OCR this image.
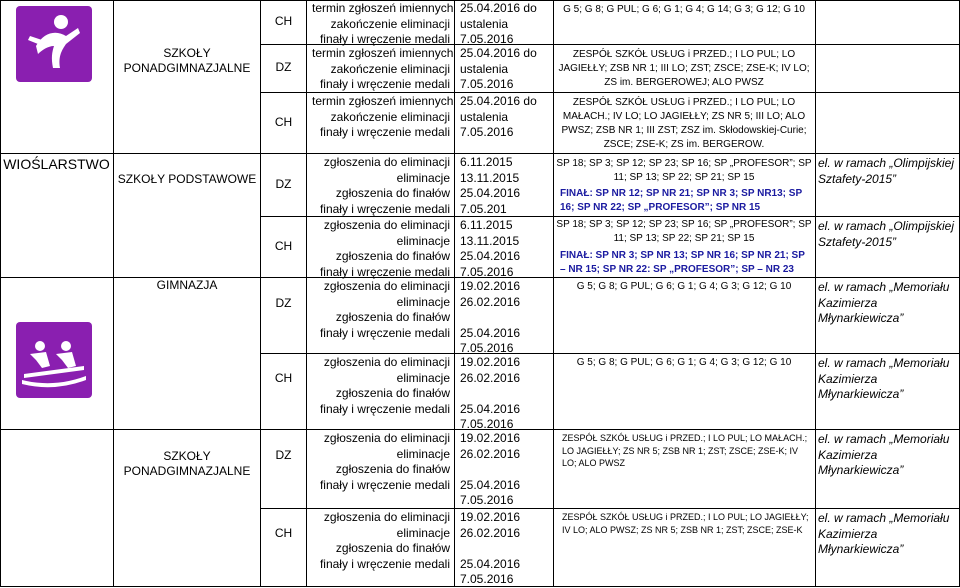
WIOŚLARSTWO
SZKOŁY PONADGIMNAZJALNE
SZKOŁY PODSTAWOWE
GIMNAZJA
SZKOŁY PONADGIMNAZJALNE
CH
DZ
CH
DZ
CH
DZ
CH
DZ
CH
termin zgłoszeń imiennych
zakończenie eliminacji
finały i wręczenie medali
termin zgłoszeń imiennych
zakończenie eliminacji
finały i wręczenie medali
termin zgłoszeń imiennych
zakończenie eliminacji
finały i wręczenie medali
zgłoszenia do eliminacji
eliminacje
zgłoszenia do finałów
finały i wręczenie medali
zgłoszenia do eliminacji
eliminacje
zgłoszenia do finałów
finały i wręczenie medali
zgłoszenia do eliminacji
eliminacje
zgłoszenia do finałów
finały i wręczenie medali
zgłoszenia do eliminacji
eliminacje
zgłoszenia do finałów
finały i wręczenie medali
zgłoszenia do eliminacji
eliminacje
zgłoszenia do finałów
finały i wręczenie medali
zgłoszenia do eliminacji
eliminacje
zgłoszenia do finałów
finały i wręczenie medali
25.04.2016 do
ustalenia
7.05.2016
25.04.2016 do
ustalenia
7.05.2016
25.04.2016 do
ustalenia
7.05.2016
6.11.2015
13.11.2015
25.04.2016
7.05.201
6.11.2015
13.11.2015
25.04.2016
7.05.2016
19.02.2016
26.02.2016
25.04.2016
7.05.2016
19.02.2016
26.02.2016
25.04.2016
7.05.2016
19.02.2016
26.02.2016
25.04.2016
7.05.2016
19.02.2016
26.02.2016
25.04.2016
7.05.2016
G 5; G 8; G PUL; G 6; G 1; G 4; G 14; G 3; G 12; G 10
ZESPÓŁ SZKÓŁ USŁUG i PRZED.; I LO PUL; LO JAGIEŁŁY; ZSB NR 1; III LO; ZST; ZSCE; ZSE-K; IV LO; ZS im. BERGEROWEJ; ALO PWSZ
ZESPÓŁ SZKÓŁ USŁUG i PRZED.; I LO PUL; LO MAŁACH.; IV LO; LO JAGIEŁŁY; ZS NR 5; III LO; ALO PWSZ; ZSB NR 1; III ZST; ZSZ im. Skłodowskiej-Curie; ZSCE; ZSE-K; ZS im. BERGEROW.
SP 18; SP 3; SP 12; SP 23; SP 16; SP „PROFESOR”; SP 11; SP 13; SP 22; SP 21; SP 15
FINAŁ: SP NR 12; SP NR 21; SP NR 3; SP NR13; SP 16; SP NR 22; SP „PROFESOR”; SP NR 15
SP 18; SP 3; SP 12; SP 23; SP 16; SP „PROFESOR”; SP 11; SP 13; SP 22; SP 21; SP 15
FINAŁ: SP NR 3; SP NR 13; SP NR 16; SP NR 21; SP – NR 15; SP NR 22: SP „PROFESOR”; SP – NR 23
G 5; G 8; G PUL; G 6; G 1; G 4; G 3; G 12; G 10
G 5; G 8; G PUL; G 6; G 1; G 4; G 3; G 12; G 10
ZESPÓŁ SZKÓŁ USŁUG i PRZED.; I LO PUL; LO MAŁACH.; LO JAGIEŁŁY; ZS NR 5; ZSB NR 1; ZST; ZSCE; ZSE-K; IV LO; ALO PWSZ
ZESPÓŁ SZKÓŁ USŁUG i PRZED.; I LO PUL; LO JAGIEŁŁY; IV LO; ALO PWSZ; ZS NR 5; ZSB NR 1; ZST; ZSCE; ZSE-K
el. w ramach „Olimpijskiej Sztafety-2015”
el. w ramach „Olimpijskiej Sztafety-2015”
el. w ramach „Memoriału Kazimierza Młynarkiewicza”
el. w ramach „Memoriału Kazimierza Młynarkiewicza”
el. w ramach „Memoriału Kazimierza Młynarkiewicza”
el. w ramach „Memoriału Kazimierza Młynarkiewicza”
